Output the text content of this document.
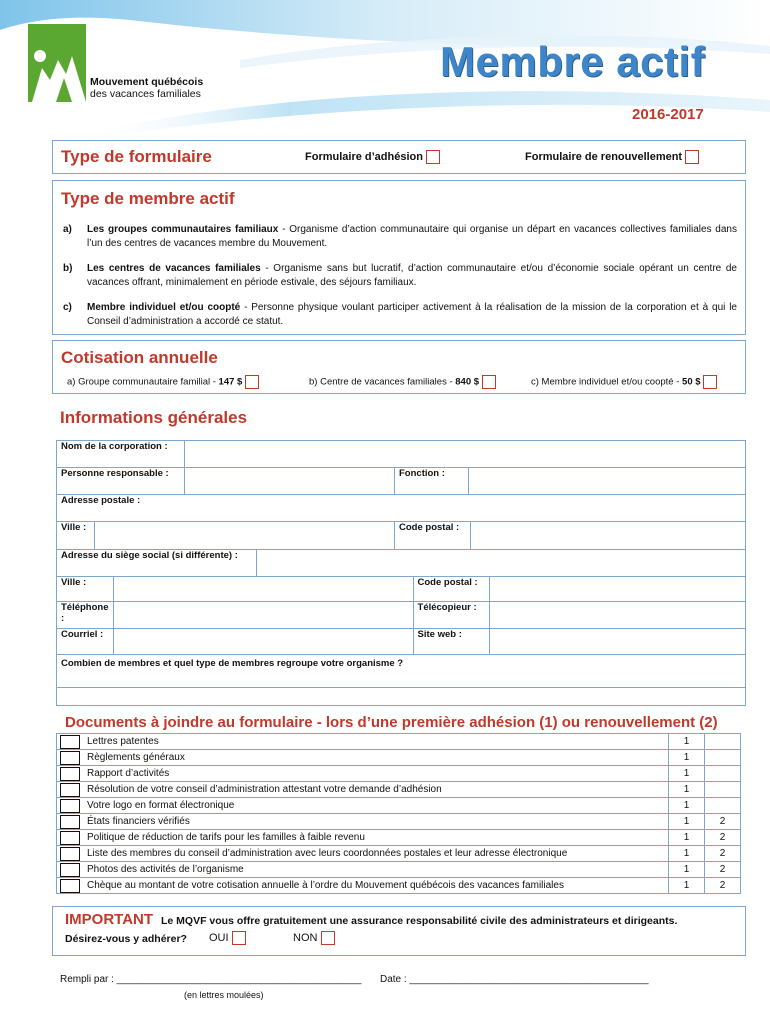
Mouvement québécois
des vacances familiales
Membre actif
2016-2017
Type de formulaire	Formulaire d’adhésion	Formulaire de renouvellement
Type de membre actif
a)	Les groupes communautaires familiaux - Organisme d’action communautaire qui organise un départ en vacances collectives familiales dans l’un des centres de vacances membre du Mouvement.
b)	Les centres de vacances familiales - Organisme sans but lucratif, d’action communautaire et/ou d’économie sociale opérant un centre de vacances offrant, minimalement en période estivale, des séjours familiaux.
c)	Membre individuel et/ou coopté - Personne physique voulant participer activement à la réalisation de la mission de la corporation et à qui le Conseil d’administration a accordé ce statut.
Cotisation annuelle
a) Groupe communautaire familial - 147 $	b) Centre de vacances familiales - 840 $	c) Membre individuel et/ou coopté - 50 $
Informations générales
Nom de la corporation :			
Personne responsable :		Fonction :	
Adresse postale :			
Ville :		Code postal :	
Adresse du siège social (si différente) :	
Ville :		Code postal :	
Téléphone :		Télécopieur :	
Courriel :		Site web :	
Combien de membres et quel type de membres regroupe votre organisme ?

Documents à joindre au formulaire - lors d’une première adhésion (1) ou renouvellement (2)
Lettres patentes	1	

Règlements généraux	1	

Rapport d’activités	1	

Résolution de votre conseil d’administration attestant votre demande d’adhésion	1	

Votre logo en format électronique	1	

États financiers vérifiés	1	2

Politique de réduction de tarifs pour les familles à faible revenu	1	2

Liste des membres du conseil d’administration avec leurs coordonnées postales et leur adresse électronique	1	2

Photos des activités de l’organisme	1	2

Chèque au montant de votre cotisation annuelle à l’ordre du Mouvement québécois des vacances familiales	1	2
IMPORTANT Le MQVF vous offre gratuitement une assurance responsabilité civile des administrateurs et dirigeants.
Désirez-vous y adhérer? OUI	NON
Rempli par : ____________________________________________ Date : ___________________________________________
(en lettres moulées)
